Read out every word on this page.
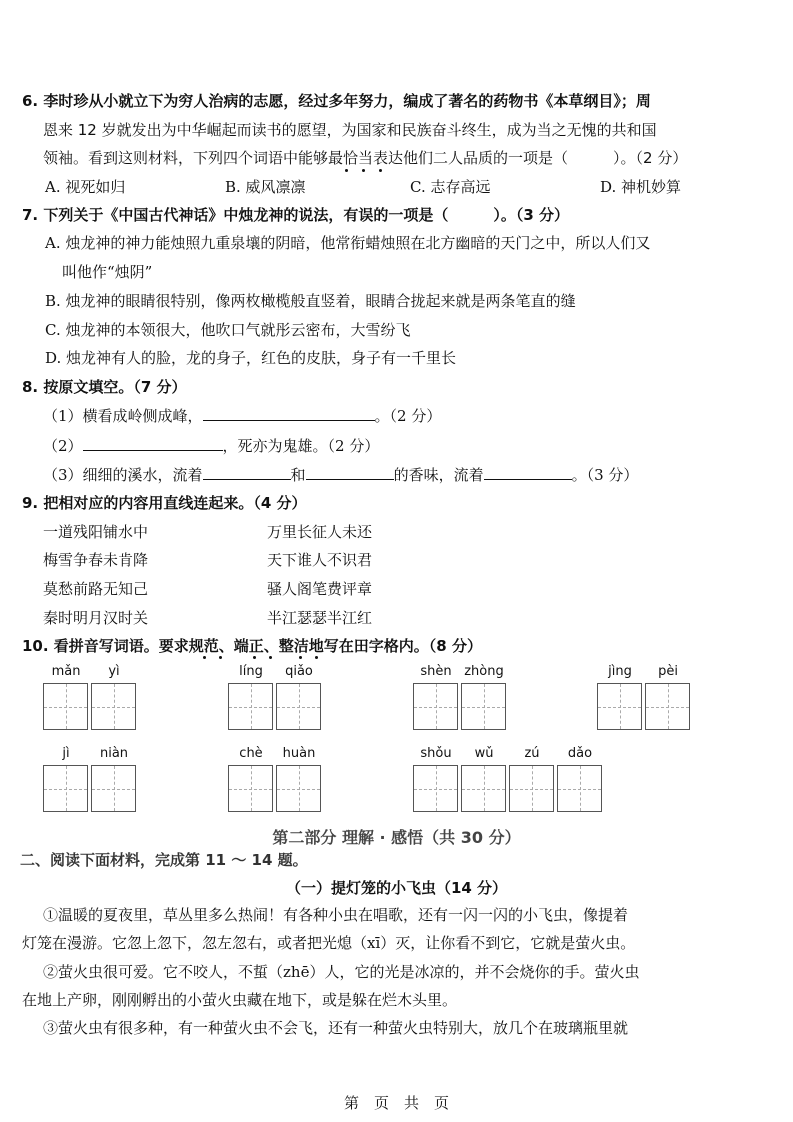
6. 李时珍从小就立下为穷人治病的志愿，经过多年努力，编成了著名的药物书《本草纲目》；周
恩来 12 岁就发出为中华崛起而读书的愿望，为国家和民族奋斗终生，成为当之无愧的共和国
领袖。看到这则材料，下列四个词语中能够最恰当表达他们二人品质的一项是（　　　）。（2 分）
A. 视死如归	B. 威风凛凛	C. 志存高远	D. 神机妙算
7. 下列关于《中国古代神话》中烛龙神的说法，有误的一项是（　　　）。（3 分）
A. 烛龙神的神力能烛照九重泉壤的阴暗，他常衔蜡烛照在北方幽暗的天门之中，所以人们又
叫他作“烛阴”
B. 烛龙神的眼睛很特别，像两枚橄榄般直竖着，眼睛合拢起来就是两条笔直的缝
C. 烛龙神的本领很大，他吹口气就彤云密布，大雪纷飞
D. 烛龙神有人的脸，龙的身子，红色的皮肤，身子有一千里长
8. 按原文填空。（7 分）
（1）横看成岭侧成峰，	。（2 分）
（2）	，死亦为鬼雄。（2 分）
（3）细细的溪水，流着	和	的香味，流着	。（3 分）
9. 把相对应的内容用直线连起来。（4 分）
一道残阳铺水中
梅雪争春未肯降
莫愁前路无知己
秦时明月汉时关
万里长征人未还
天下谁人不识君
骚人阁笔费评章
半江瑟瑟半江红
10. 看拼音写词语。要求规范、端正、整洁地写在田字格内。（8 分）
mǎn	yì	líng	qiǎo	shèn zhòng	jìng	pèi
jì	niàn	chè	huàn	shǒu	wǔ	zú	dǎo
第二部分 理解 · 感悟（共 30 分）
二、阅读下面材料，完成第 11 ～ 14 题。
（一）提灯笼的小飞虫（14 分）
①温暖的夏夜里，草丛里多么热闹！有各种小虫在唱歌，还有一闪一闪的小飞虫，像提着
灯笼在漫游。它忽上忽下，忽左忽右，或者把光熄（xī）灭，让你看不到它，它就是萤火虫。
②萤火虫很可爱。它不咬人，不蜇（zhē）人，它的光是冰凉的，并不会烧你的手。萤火虫
在地上产卵，刚刚孵出的小萤火虫藏在地下，或是躲在烂木头里。
③萤火虫有很多种，有一种萤火虫不会飞，还有一种萤火虫特别大，放几个在玻璃瓶里就
第　页　共　页
